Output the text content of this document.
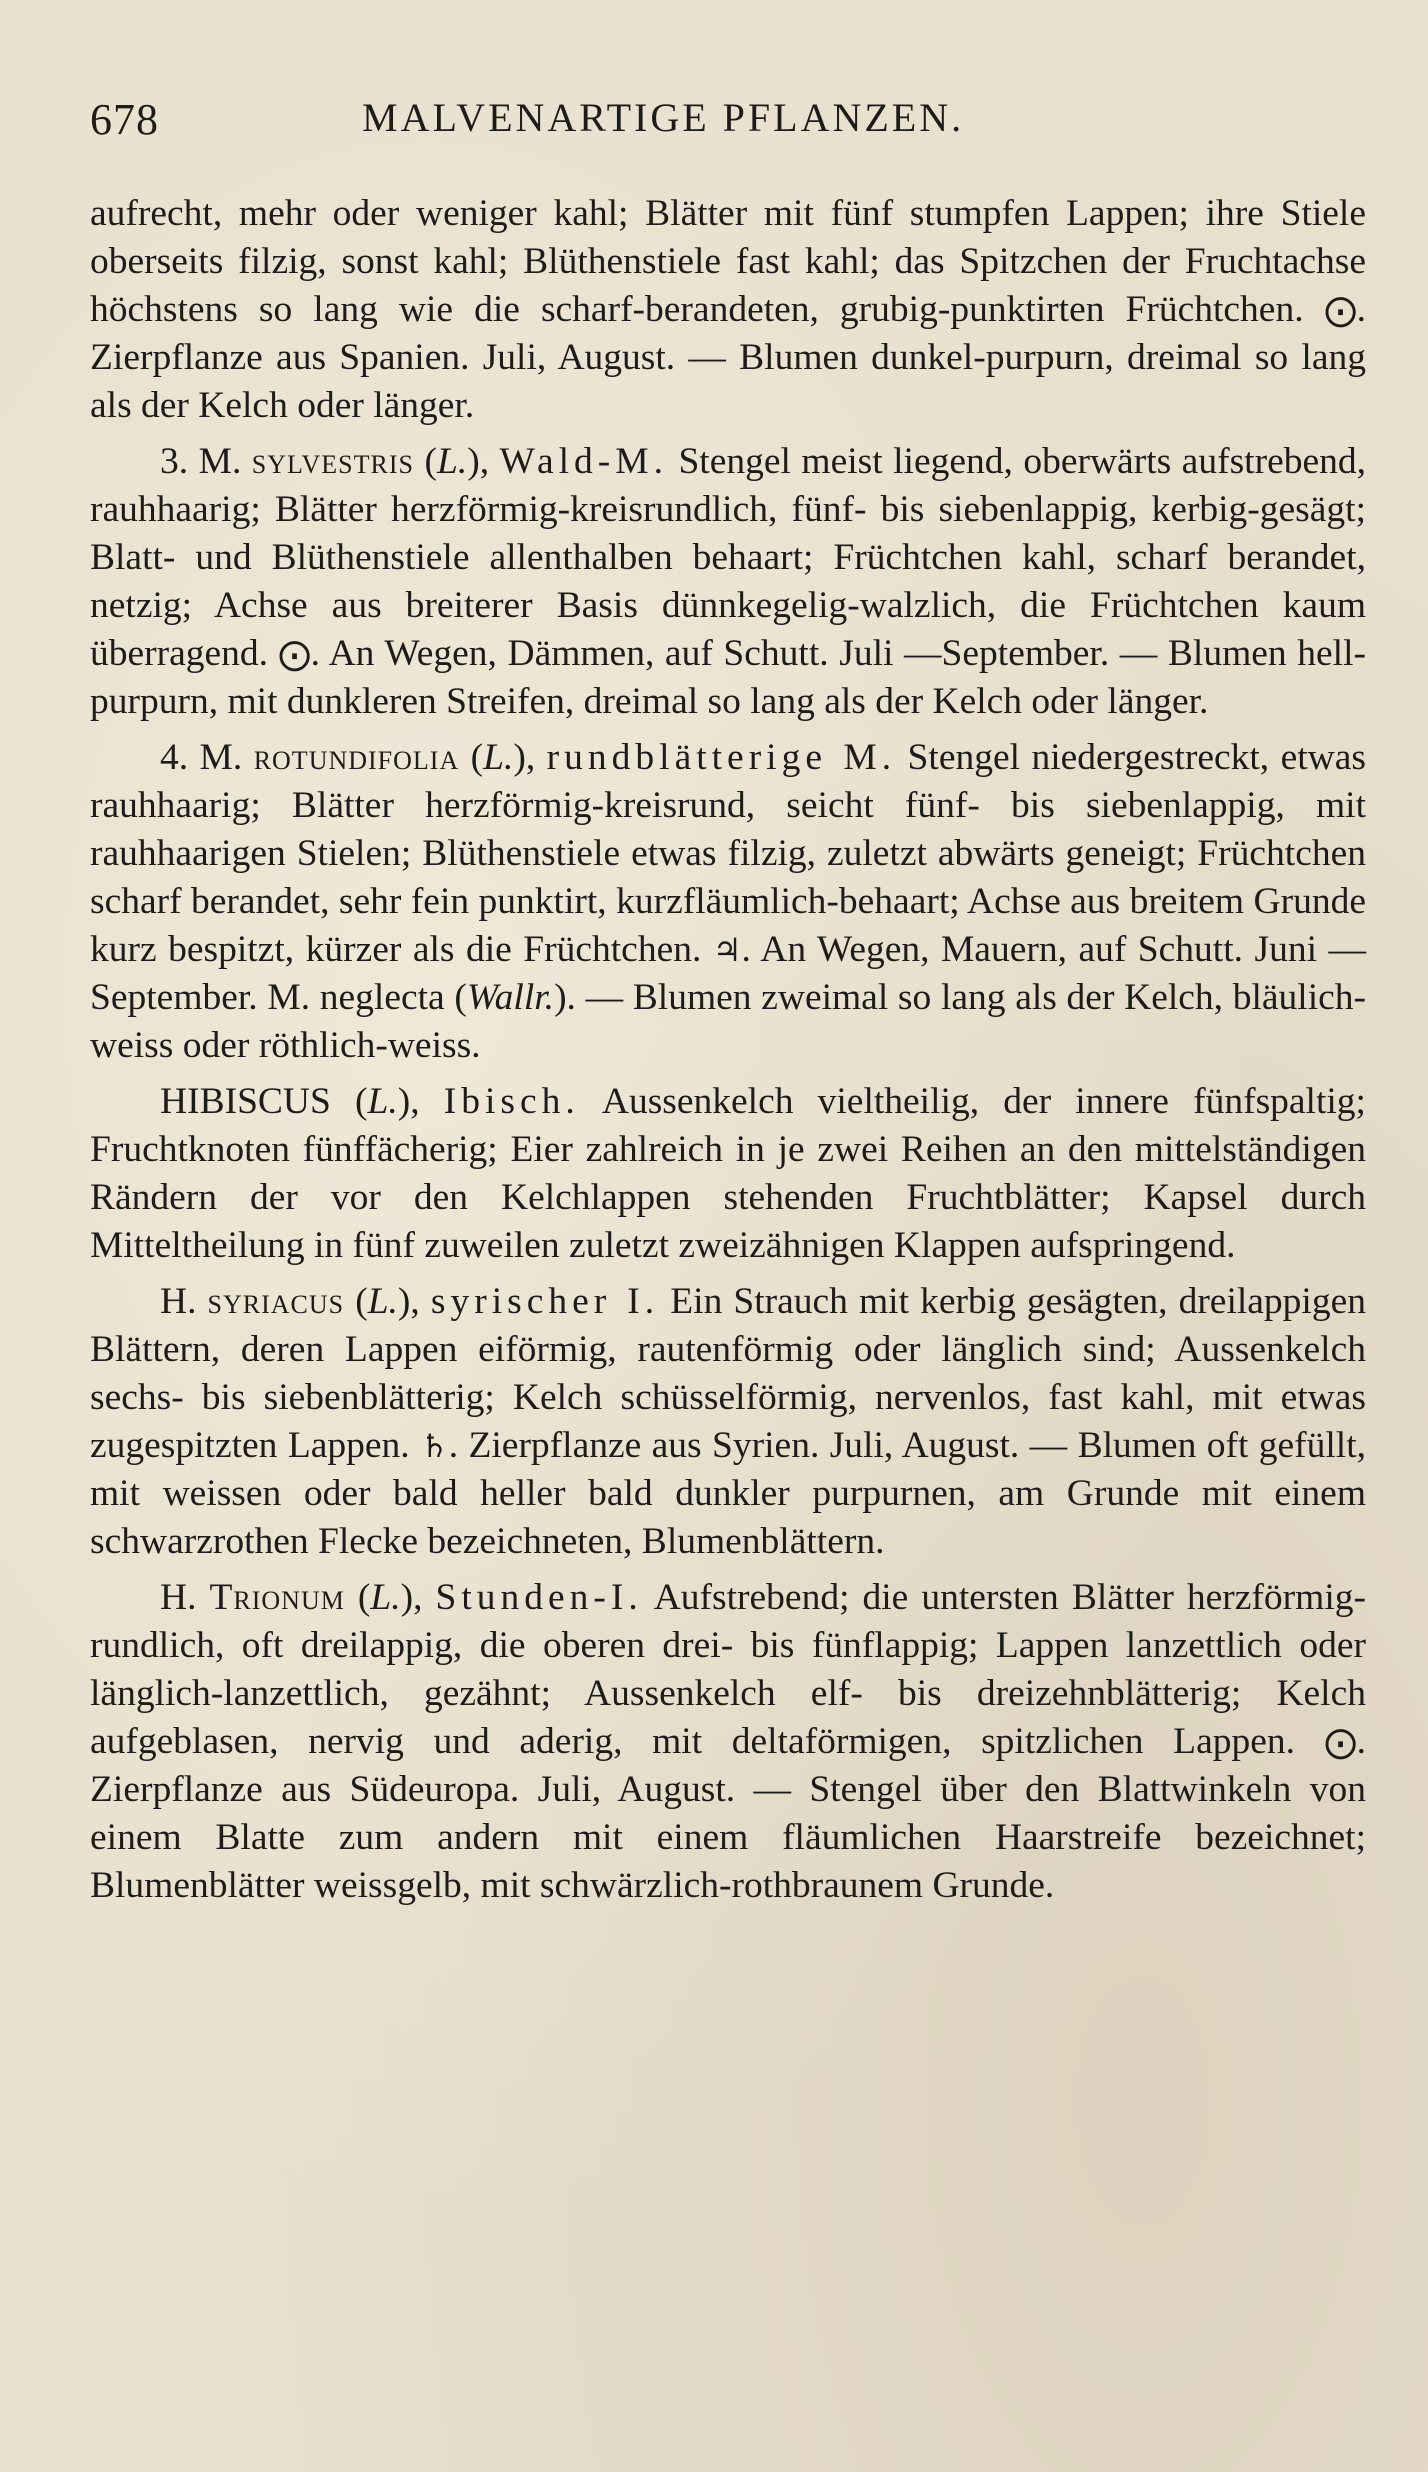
678	MALVENARTIGE PFLANZEN.

aufrecht, mehr oder weniger kahl; Blätter mit fünf stumpfen Lappen; ihre Stiele oberseits filzig, sonst kahl; Blüthenstiele fast kahl; das Spitzchen der Fruchtachse höchstens so lang wie die scharf-berandeten, grubig-punktirten Früchtchen. ⨀. Zierpflanze aus Spanien. Juli, August. — Blumen dunkel-purpurn, dreimal so lang als der Kelch oder länger.

3. M. sylvestris (L.), Wald-M. Stengel meist liegend, oberwärts aufstrebend, rauhhaarig; Blätter herzförmig-kreisrundlich, fünf- bis siebenlappig, kerbig-gesägt; Blatt- und Blüthenstiele allenthalben behaart; Früchtchen kahl, scharf berandet, netzig; Achse aus breiterer Basis dünnkegelig-walzlich, die Früchtchen kaum überragend. ⨀. An Wegen, Dämmen, auf Schutt. Juli —September. — Blumen hell-purpurn, mit dunkleren Streifen, dreimal so lang als der Kelch oder länger.

4. M. rotundifolia (L.), rundblätterige M. Stengel niedergestreckt, etwas rauhhaarig; Blätter herzförmig-kreisrund, seicht fünf- bis siebenlappig, mit rauhhaarigen Stielen; Blüthenstiele etwas filzig, zuletzt abwärts geneigt; Früchtchen scharf berandet, sehr fein punktirt, kurzfläumlich-behaart; Achse aus breitem Grunde kurz bespitzt, kürzer als die Früchtchen. ♃. An Wegen, Mauern, auf Schutt. Juni — September. M. neglecta (Wallr.). — Blumen zweimal so lang als der Kelch, bläulich-weiss oder röthlich-weiss.

HIBISCUS (L.), Ibisch. Aussenkelch vieltheilig, der innere fünfspaltig; Fruchtknoten fünffächerig; Eier zahlreich in je zwei Reihen an den mittelständigen Rändern der vor den Kelchlappen stehenden Fruchtblätter; Kapsel durch Mitteltheilung in fünf zuweilen zuletzt zweizähnigen Klappen aufspringend.

H. syriacus (L.), syrischer I. Ein Strauch mit kerbig gesägten, dreilappigen Blättern, deren Lappen eiförmig, rautenförmig oder länglich sind; Aussenkelch sechs- bis siebenblätterig; Kelch schüsselförmig, nervenlos, fast kahl, mit etwas zugespitzten Lappen. ♄. Zierpflanze aus Syrien. Juli, August. — Blumen oft gefüllt, mit weissen oder bald heller bald dunkler purpurnen, am Grunde mit einem schwarzrothen Flecke bezeichneten, Blumenblättern.

H. Trionum (L.), Stunden-I. Aufstrebend; die untersten Blätter herzförmig-rundlich, oft dreilappig, die oberen drei- bis fünflappig; Lappen lanzettlich oder länglich-lanzettlich, gezähnt; Aussenkelch elf- bis dreizehnblätterig; Kelch aufgeblasen, nervig und aderig, mit deltaförmigen, spitzlichen Lappen. ⨀. Zierpflanze aus Südeuropa. Juli, August. — Stengel über den Blattwinkeln von einem Blatte zum andern mit einem fläumlichen Haarstreife bezeichnet; Blumenblätter weissgelb, mit schwärzlich-rothbraunem Grunde.
